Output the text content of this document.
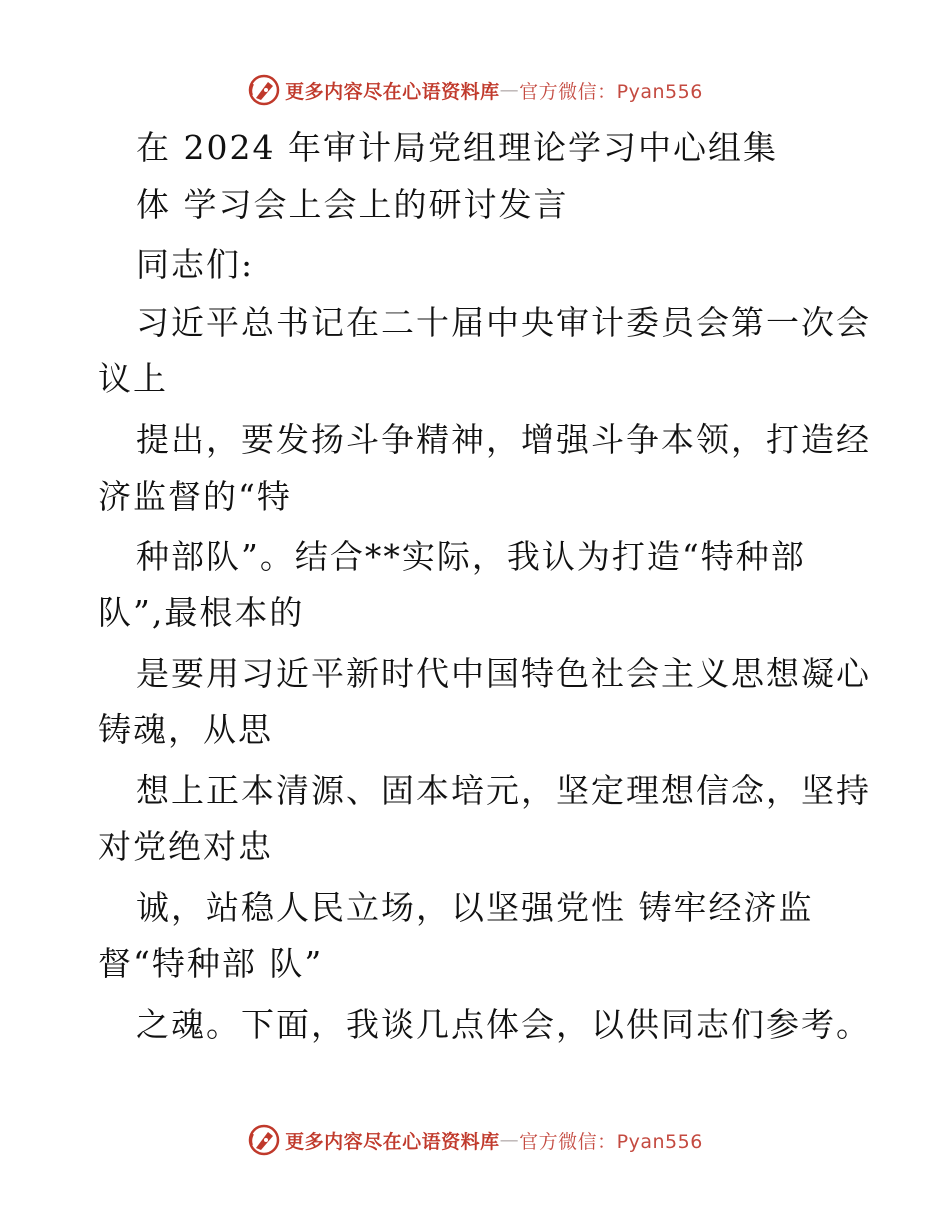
更多内容尽在心语资料库 — 官方微信：Pyan556
在 2024 年审计局党组理论学习中心组集
体 学习会上会上的研讨发言
同志们:
习近平总书记在二十届中央审计委员会第一次会
议上
提出，要发扬斗争精神，增强斗争本领，打造经
济监督的“特
种部队”。结合**实际，我认为打造“特种部
队”,最根本的
是要用习近平新时代中国特色社会主义思想凝心
铸魂，从思
想上正本清源、固本培元，坚定理想信念，坚持
对党绝对忠
诚，站稳人民立场，以坚强党性 铸牢经济监
督“特种部 队”
之魂。下面，我谈几点体会，以供同志们参考。
更多内容尽在心语资料库 — 官方微信：Pyan556
